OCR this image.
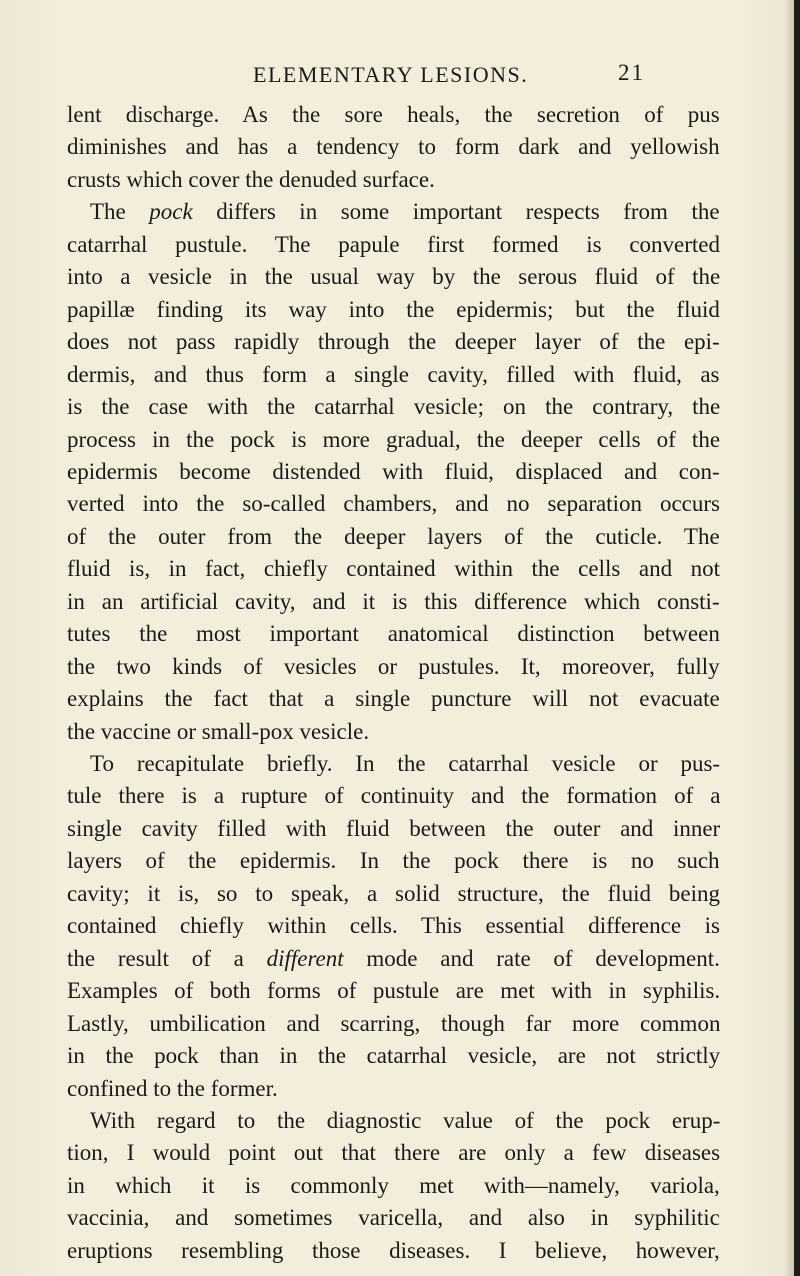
ELEMENTARY LESIONS.	21
lent discharge. As the sore heals, the secretion of pus
diminishes and has a tendency to form dark and yellowish
crusts which cover the denuded surface.
The pock differs in some important respects from the
catarrhal pustule. The papule first formed is converted
into a vesicle in the usual way by the serous fluid of the
papillæ finding its way into the epidermis; but the fluid
does not pass rapidly through the deeper layer of the epi-
dermis, and thus form a single cavity, filled with fluid, as
is the case with the catarrhal vesicle; on the contrary, the
process in the pock is more gradual, the deeper cells of the
epidermis become distended with fluid, displaced and con-
verted into the so-called chambers, and no separation occurs
of the outer from the deeper layers of the cuticle. The
fluid is, in fact, chiefly contained within the cells and not
in an artificial cavity, and it is this difference which consti-
tutes the most important anatomical distinction between
the two kinds of vesicles or pustules. It, moreover, fully
explains the fact that a single puncture will not evacuate
the vaccine or small-pox vesicle.
To recapitulate briefly. In the catarrhal vesicle or pus-
tule there is a rupture of continuity and the formation of a
single cavity filled with fluid between the outer and inner
layers of the epidermis. In the pock there is no such
cavity; it is, so to speak, a solid structure, the fluid being
contained chiefly within cells. This essential difference is
the result of a different mode and rate of development.
Examples of both forms of pustule are met with in syphilis.
Lastly, umbilication and scarring, though far more common
in the pock than in the catarrhal vesicle, are not strictly
confined to the former.
With regard to the diagnostic value of the pock erup-
tion, I would point out that there are only a few diseases
in which it is commonly met with—namely, variola,
vaccinia, and sometimes varicella, and also in syphilitic
eruptions resembling those diseases. I believe, however,
